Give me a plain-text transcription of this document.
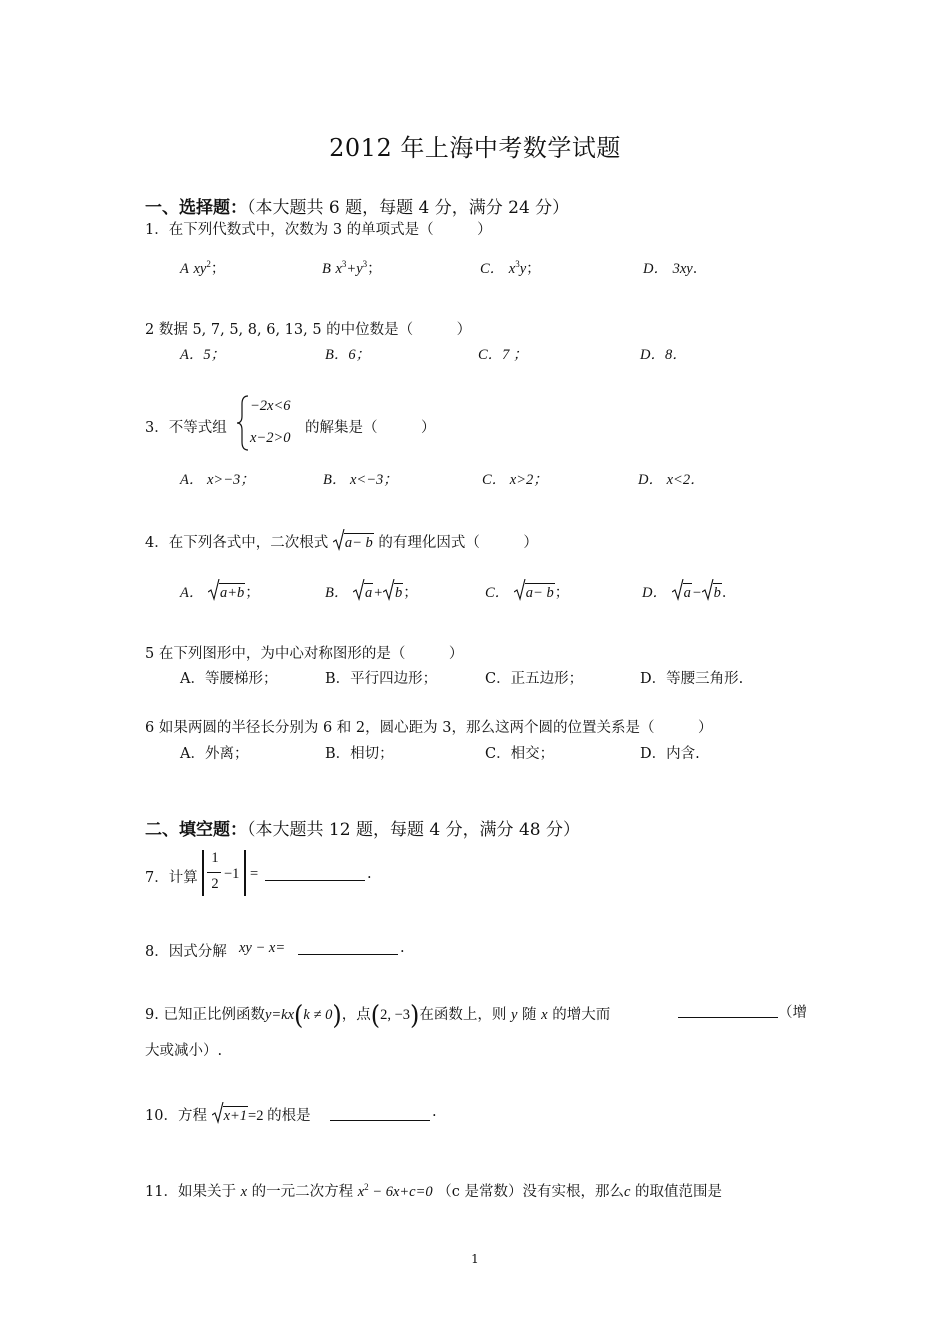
2012 年上海中考数学试题
一、选择题：（本大题共 6 题，每题 4 分，满分 24 分）
1．在下列代数式中，次数为 3 的单项式是（　　　）
A $xy^2$；	B $x^3+y^3$；	C． $x^3y$；	D． 3xy．
2 数据 5, 7, 5, 8, 6, 13, 5 的中位数是（　　　）
A．5；	B．6；	C．7 ；	D．8．
3．不等式组
−2x<6
x−2>0
的解集是（　　　）
A． x>−3；	B． x<−3；	C． x>2；	D． x<2．
4．在下列各式中，二次根式 a− b 的有理化因式（　　　）
A． a+b；	B． a+ b；	C． a− b；	D． a− b．
5 在下列图形中，为中心对称图形的是（　　　）
A．等腰梯形；	B．平行四边形；	C．正五边形；	D．等腰三角形.
6 如果两圆的半径长分别为 6 和 2，圆心距为 3，那么这两个圆的位置关系是（　　　）
A．外离；	B．相切；	C．相交；	D．内含.
二、填空题：（本大题共 12 题，每题 4 分，满分 48 分）
7．计算
1
2
−1 =	.
8．因式分解 xy − x=	.
9. 已知正比例函数y=kx(k ≠ 0)，点(2, −3)在函数上，则 y 随 x 的增大而	（增
大或减小）.
10．方程 x+1=2 的根是	.
11．如果关于 x 的一元二次方程 $x^2 - 6x+c=0$ （c 是常数）没有实根，那么c 的取值范围是
1
